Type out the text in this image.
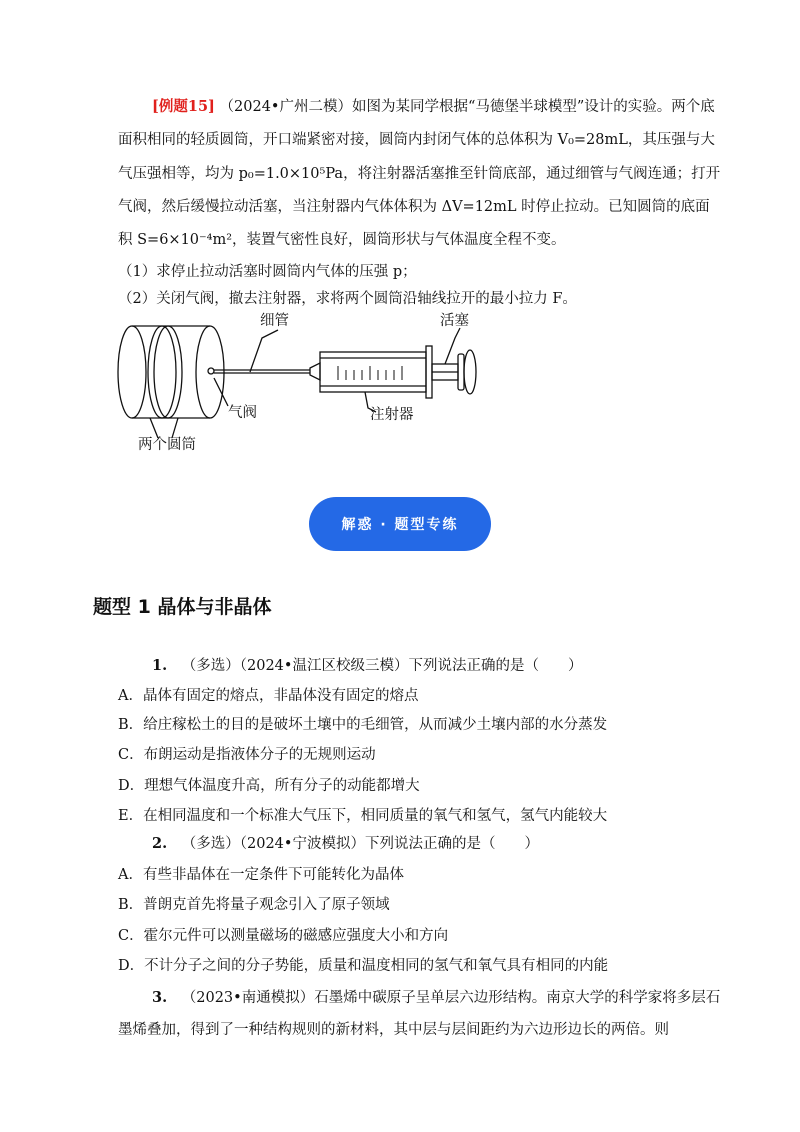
[例题15] （2024•广州二模）如图为某同学根据“马德堡半球模型”设计的实验。两个底
面积相同的轻质圆筒，开口端紧密对接，圆筒内封闭气体的总体积为 V₀=28mL，其压强与大
气压强相等，均为 p₀=1.0×10⁵Pa，将注射器活塞推至针筒底部，通过细管与气阀连通；打开
气阀，然后缓慢拉动活塞，当注射器内气体体积为 ΔV=12mL 时停止拉动。已知圆筒的底面
积 S=6×10⁻⁴m²，装置气密性良好，圆筒形状与气体温度全程不变。
（1）求停止拉动活塞时圆筒内气体的压强 p；
（2）关闭气阀，撤去注射器，求将两个圆筒沿轴线拉开的最小拉力 F。
细管	活塞
气阀	注射器
两个圆筒
解惑 · 题型专练
题型 1 晶体与非晶体
1. （多选）（2024•温江区校级三模）下列说法正确的是（　　）
A．晶体有固定的熔点，非晶体没有固定的熔点
B．给庄稼松土的目的是破坏土壤中的毛细管，从而减少土壤内部的水分蒸发
C．布朗运动是指液体分子的无规则运动
D．理想气体温度升高，所有分子的动能都增大
E．在相同温度和一个标准大气压下，相同质量的氧气和氢气，氢气内能较大
2. （多选）（2024•宁波模拟）下列说法正确的是（　　）
A．有些非晶体在一定条件下可能转化为晶体
B．普朗克首先将量子观念引入了原子领域
C．霍尔元件可以测量磁场的磁感应强度大小和方向
D．不计分子之间的分子势能，质量和温度相同的氢气和氧气具有相同的内能
3. （2023•南通模拟）石墨烯中碳原子呈单层六边形结构。南京大学的科学家将多层石
墨烯叠加，得到了一种结构规则的新材料，其中层与层间距约为六边形边长的两倍。则
